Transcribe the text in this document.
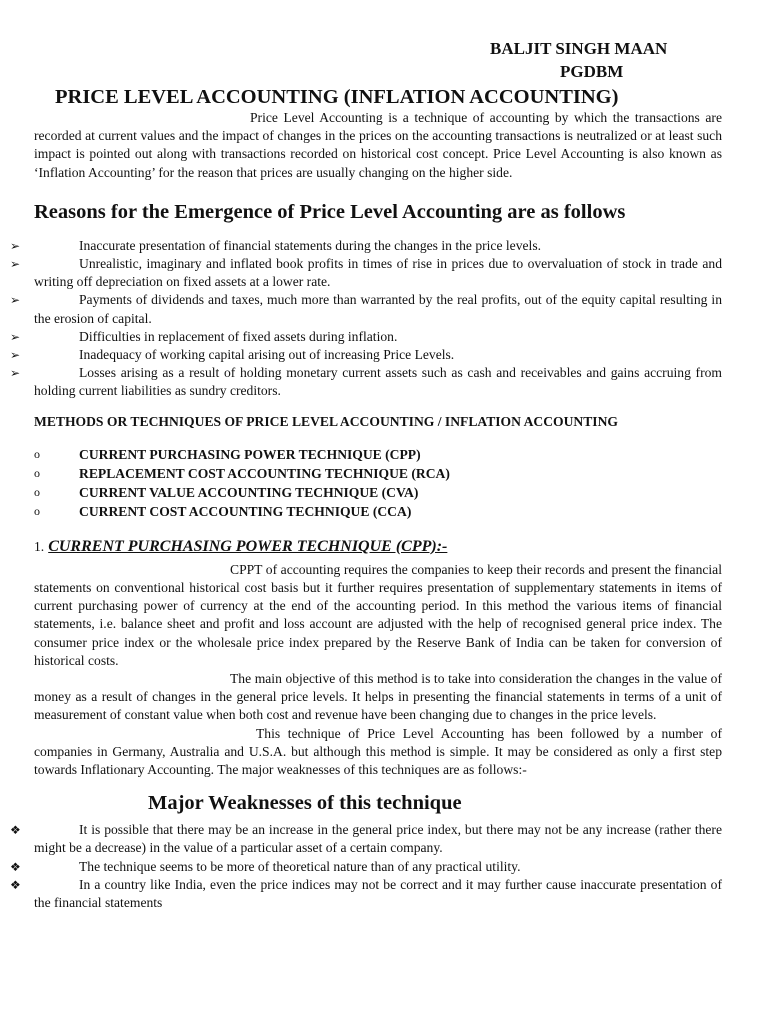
BALJIT SINGH MAAN
PGDBM
PRICE LEVEL ACCOUNTING (INFLATION ACCOUNTING)

Price Level Accounting is a technique of accounting by which the transactions are recorded at current values and the impact of changes in the prices on the accounting transactions is neutralized or at least such impact is pointed out along with transactions recorded on historical cost concept. Price Level Accounting is also known as ‘Inflation Accounting’ for the reason that prices are usually changing on the higher side.

Reasons for the Emergence of Price Level Accounting are as follows
➢	Inaccurate presentation of financial statements during the changes in the price levels.
➢	Unrealistic, imaginary and inflated book profits in times of rise in prices due to overvaluation of stock in trade and writing off depreciation on fixed assets at a lower rate.
➢	Payments of dividends and taxes, much more than warranted by the real profits, out of the equity capital resulting in the erosion of capital.
➢	Difficulties in replacement of fixed assets during inflation.
➢	Inadequacy of working capital arising out of increasing Price Levels.
➢	Losses arising as a result of holding monetary current assets such as cash and receivables and gains accruing from holding current liabilities as sundry creditors.
METHODS OR TECHNIQUES OF PRICE LEVEL ACCOUNTING / INFLATION ACCOUNTING
o	CURRENT PURCHASING POWER TECHNIQUE (CPP)
o	REPLACEMENT COST ACCOUNTING TECHNIQUE (RCA)
o	CURRENT VALUE ACCOUNTING TECHNIQUE (CVA)
o	CURRENT COST ACCOUNTING TECHNIQUE (CCA)
1. CURRENT PURCHASING POWER TECHNIQUE (CPP):-

CPPT of accounting requires the companies to keep their records and present the financial statements on conventional historical cost basis but it further requires presentation of supplementary statements in items of current purchasing power of currency at the end of the accounting period. In this method the various items of financial statements, i.e. balance sheet and profit and loss account are adjusted with the help of recognised general price index. The consumer price index or the wholesale price index prepared by the Reserve Bank of India can be taken for conversion of historical costs.

The main objective of this method is to take into consideration the changes in the value of money as a result of changes in the general price levels. It helps in presenting the financial statements in terms of a unit of measurement of constant value when both cost and revenue have been changing due to changes in the price levels.

This technique of Price Level Accounting has been followed by a number of companies in Germany, Australia and U.S.A. but although this method is simple. It may be considered as only a first step towards Inflationary Accounting. The major weaknesses of this techniques are as follows:-

Major Weaknesses of this technique
❖	It is possible that there may be an increase in the general price index, but there may not be any increase (rather there might be a decrease) in the value of a particular asset of a certain company.
❖	The technique seems to be more of theoretical nature than of any practical utility.
❖	In a country like India, even the price indices may not be correct and it may further cause inaccurate presentation of the financial statements
